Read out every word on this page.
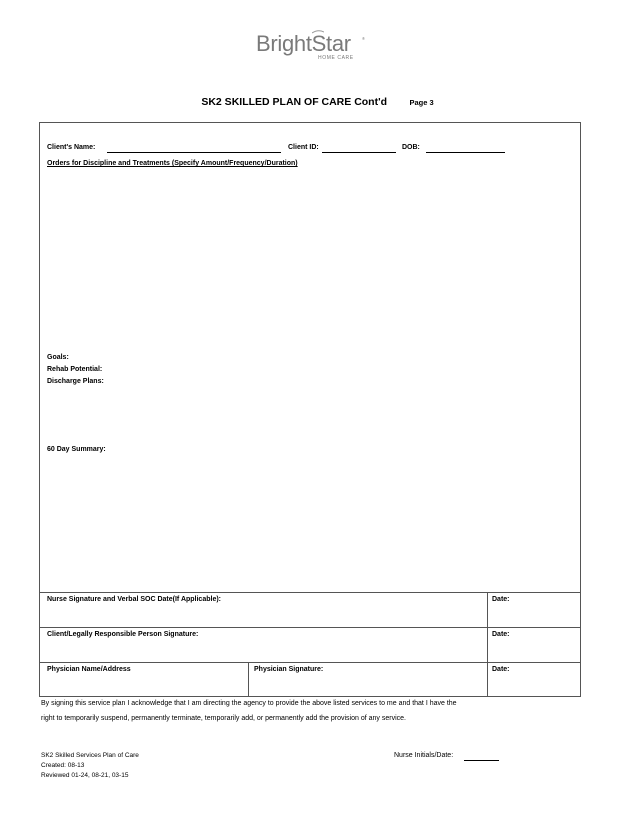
BrightStar	®
HOME CARE
SK2 SKILLED PLAN OF CARE Cont'd	Page 3
Client's Name:	Client ID:	DOB:
Orders for Discipline and Treatments (Specify Amount/Frequency/Duration)
Goals:
Rehab Potential:
Discharge Plans:
60 Day Summary:
Nurse Signature and Verbal SOC Date(If Applicable):	Date:
Client/Legally Responsible Person Signature:	Date:
Physician Name/Address	Physician Signature:	Date:
By signing this service plan I acknowledge that I am directing the agency to provide the above listed services to me and that I have the
right to temporarily suspend, permanently terminate, temporarily add, or permanently add the provision of any service.
SK2 Skilled Services Plan of Care
Created: 08-13
Reviewed 01-24, 08-21, 03-15
Nurse Initials/Date:
